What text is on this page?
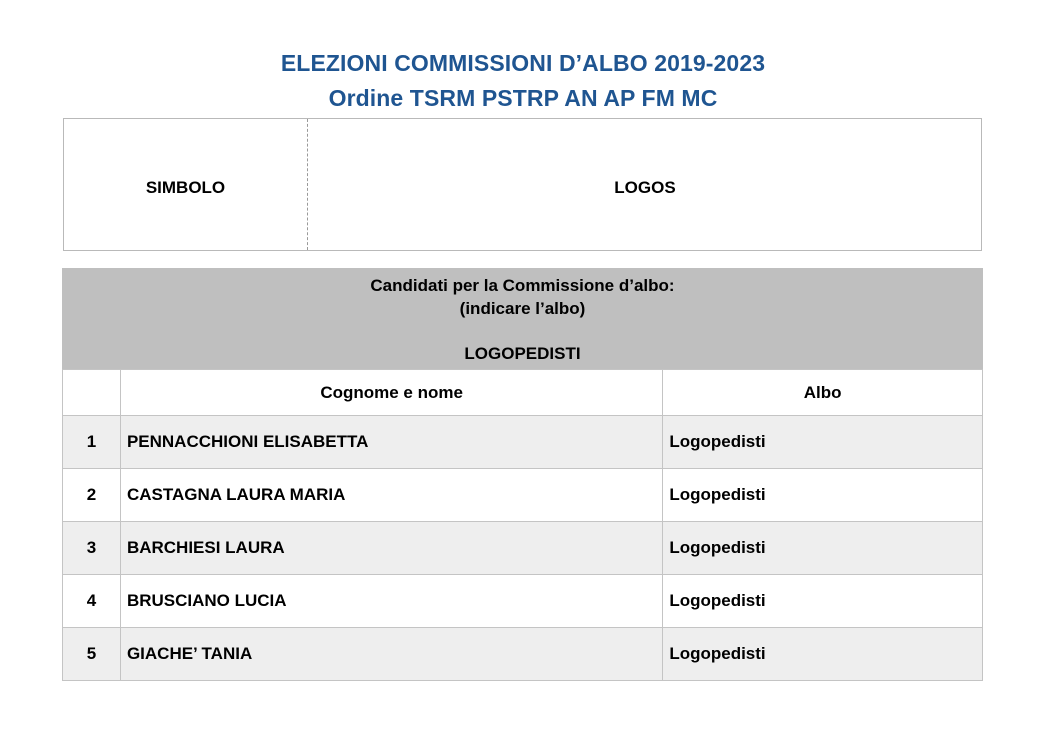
ELEZIONI COMMISSIONI D’ALBO 2019-2023
Ordine TSRM PSTRP AN AP FM MC
SIMBOLO	LOGOS
Candidati per la Commissione d’albo:
(indicare l’albo)
LOGOPEDISTI
	Cognome e nome	Albo
1	PENNACCHIONI ELISABETTA	Logopedisti
2	CASTAGNA LAURA MARIA	Logopedisti
3	BARCHIESI LAURA	Logopedisti
4	BRUSCIANO LUCIA	Logopedisti
5	GIACHE’ TANIA	Logopedisti
